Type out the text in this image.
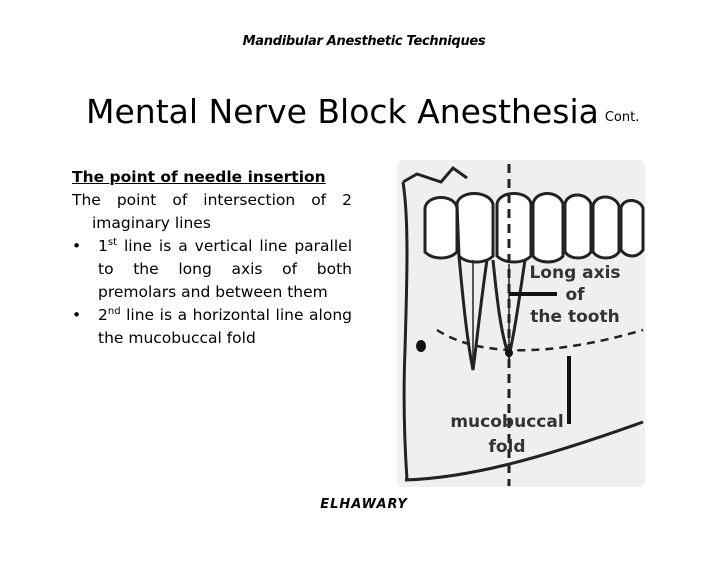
Mandibular Anesthetic Techniques
Mental Nerve Block Anesthesia Cont.
The point of needle insertion
The point of intersection of 2 imaginary lines
• 1st line is a vertical line parallel to the long axis of both premolars and between them
• 2nd line is a horizontal line along the mucobuccal fold
Long axis
of
the tooth
mucobuccal
fold
ELHAWARY
